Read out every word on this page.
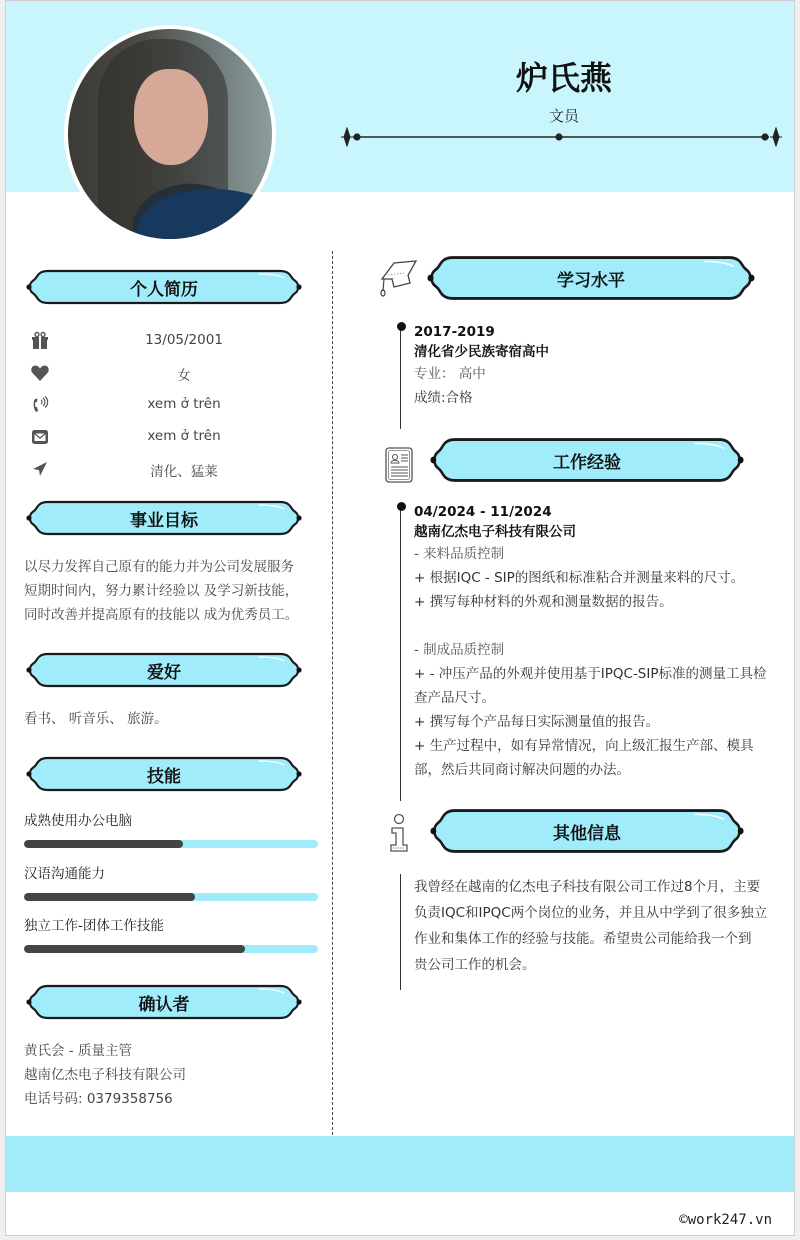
炉氏燕
文员
个人简历
13/05/2001
女
xem ở trên
xem ở trên
清化、猛莱
事业目标
以尽力发挥自己原有的能力并为公司发展服务
短期时间内，努力累计经验以 及学习新技能，
同时改善并提高原有的技能以 成为优秀员工。
爱好
看书、 听音乐、 旅游。
技能
成熟使用办公电脑
汉语沟通能力
独立工作-团体工作技能
确认者
黄氏会 - 质量主管
越南亿杰电子科技有限公司
电话号码: 0379358756
学习水平
2017-2019
清化省少民族寄宿高中
专业： 高中
成绩:合格
工作经验
04/2024 - 11/2024
越南亿杰电子科技有限公司
- 来料品质控制
+ 根据IQC - SIP的图纸和标准粘合并测量来料的尺寸。
+ 撰写每种材料的外观和测量数据的报告。
- 制成品质控制
+ - 冲压产品的外观并使用基于IPQC-SIP标准的测量工具检
查产品尺寸。
+ 撰写每个产品每日实际测量值的报告。
+ 生产过程中，如有异常情况，向上级汇报生产部、模具
部，然后共同商讨解决问题的办法。
其他信息
我曾经在越南的亿杰电子科技有限公司工作过8个月，主要
负责IQC和IPQC两个岗位的业务，并且从中学到了很多独立
作业和集体工作的经验与技能。希望贵公司能给我一个到
贵公司工作的机会。
©work247.vn
